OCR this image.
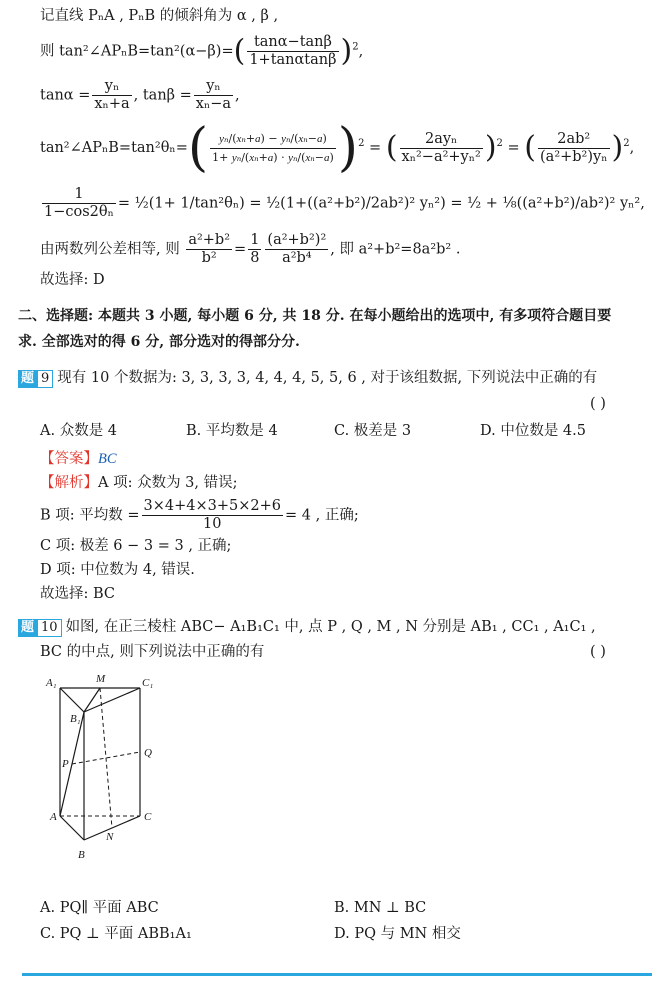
记直线 PₙA , PₙB 的倾斜角为 α , β ,
则 tan²∠APₙB=tan²(α−β)=( $\frac{\tan\alpha-\tan\beta}{1+\tan\alpha\tan\beta} )^2$,
$\tan\alpha = \frac{\text{yₙ}}{\text{xₙ+a}}$ , $\tan\beta = \frac{\text{yₙ}}{\text{xₙ−a}}$ ,
tan²∠APₙB=tan²θₙ=( $\frac{\text{yₙ/(xₙ+a) − yₙ/(xₙ−a)}}{\text{1+ yₙ/(xₙ+a) · yₙ/(xₙ−a)}} )^2$ = ( $\frac{\text{2ayₙ}}{\text{xₙ²−a²+yₙ²}} )^2$ = ( $\frac{\text{2ab²}}{\text{(a²+b²)yₙ}} )^2$,
$\frac{1}{\text{1−cos2θₙ}}$ = ½(1+ 1/tan²θₙ) = ½(1+((a²+b²)/2ab²)² yₙ²) = ½ + ⅛((a²+b²)/ab²)² yₙ²,
由两数列公差相等, 则 $\frac{\text{a²+b²}}{\text{b²}} = \frac{1}{8} \frac{\text{(a²+b²)²}}{\text{a²b⁴}}$ , 即 a²+b²=8a²b² .
故选择: D
二、选择题: 本题共 3 小题, 每小题 6 分, 共 18 分. 在每小题给出的选项中, 有多项符合题目要
求. 全部选对的得 6 分, 部分选对的得部分分.
题 9 现有 10 个数据为: 3, 3, 3, 3, 4, 4, 4, 5, 5, 6 , 对于该组数据, 下列说法中正确的有
( )
A. 众数是 4	B. 平均数是 4	C. 极差是 3	D. 中位数是 4.5
【答案】BC
【解析】A 项: 众数为 3, 错误;
B 项: 平均数 = $\frac{3\times 4+4\times 3+5\times 2+6}{10} = 4$ , 正确;
C 项: 极差 6 − 3 = 3 , 正确;
D 项: 中位数为 4, 错误.
故选择: BC
题 10 如图, 在正三棱柱 ABC− A₁B₁C₁ 中, 点 P , Q , M , N 分别是 AB₁ , CC₁ , A₁C₁ ,
BC 的中点, 则下列说法中正确的有	( )
A₁	M	C₁
B₁
Q
P
A	C
N
B
A. PQ∥ 平面 ABC	B. MN ⊥ BC
C. PQ ⊥ 平面 ABB₁A₁	D. PQ 与 MN 相交
